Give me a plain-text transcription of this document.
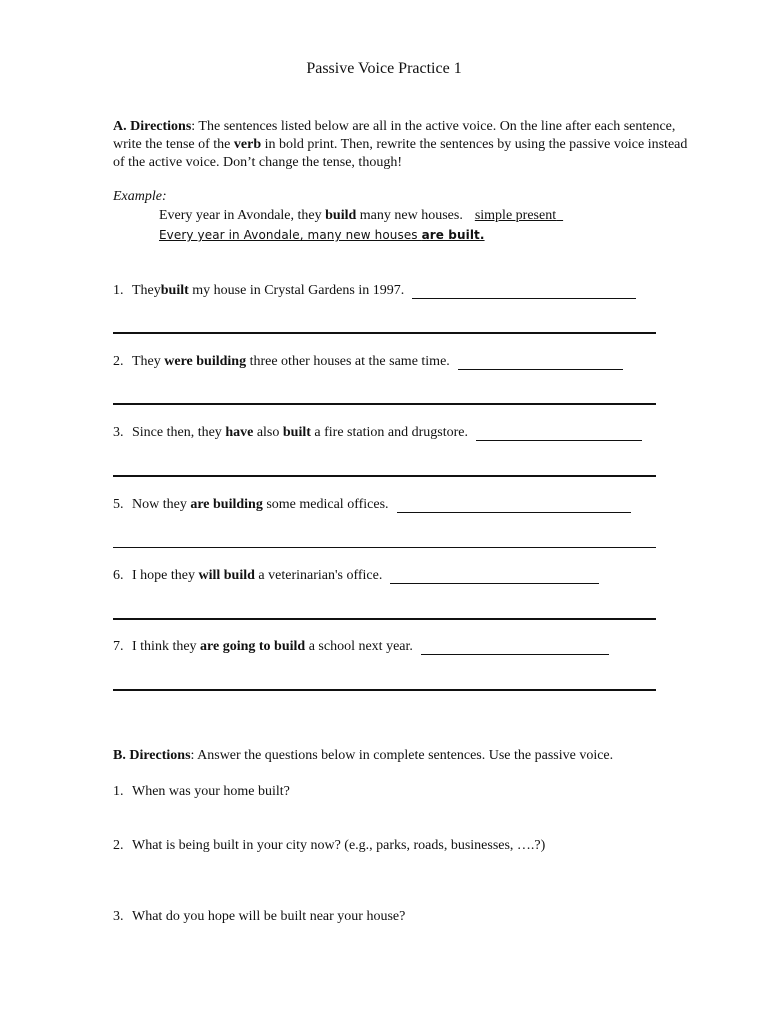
Passive Voice Practice 1
A. Directions: The sentences listed below are all in the active voice. On the line after each sentence, write the tense of the verb in bold print. Then, rewrite the sentences by using the passive voice instead of the active voice. Don’t change the tense, though!
Example:
Every year in Avondale, they build many new houses. simple present
Every year in Avondale, many new houses are built.
1. They built my house in Crystal Gardens in 1997.
2. They were building three other houses at the same time.
3. Since then, they have also built a fire station and drugstore.
5. Now they are building some medical offices.
6. I hope they will build a veterinarian's office.
7. I think they are going to build a school next year.
B. Directions: Answer the questions below in complete sentences. Use the passive voice.
1. When was your home built?
2. What is being built in your city now? (e.g., parks, roads, businesses, ….?)
3. What do you hope will be built near your house?
